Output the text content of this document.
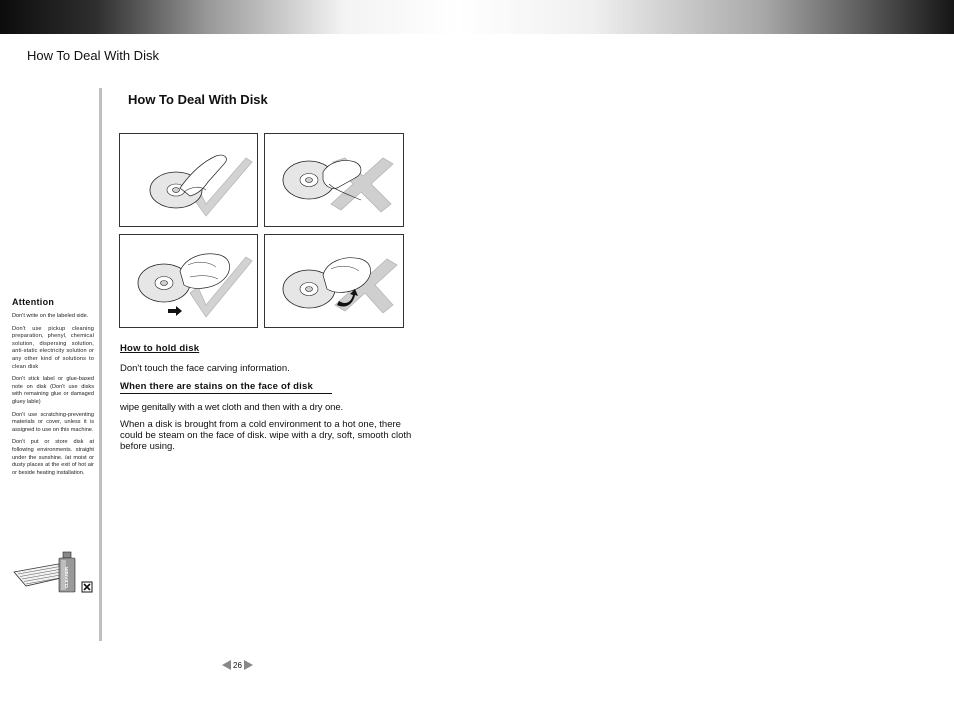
How To Deal With Disk
Attention

Don't write on the labeled side.

Don't use pickup cleaning preparation, phenyl, chemical solution, dispersing solution, anti-static electricity solution or any other kind of solutions to clean disk

Don't stick label or glue-based note on disk (Don't use disks with remaining glue or damaged gluey lable)

Don't use scratching-preventing materials or cover, unless it is assigned to use on this machine.

Don't put or store disk at following environments. straight under the sunshine. /at moist or dusty places at the exit of hot air or beside heating installation.

CLEANER
How To Deal With Disk

How to hold disk

Don't touch the face carving information.

When there are stains on the face of disk

wipe genitally with a wet cloth and then with a dry one.

When a disk is brought from a cold environment to a hot one, there could be steam on the face of disk. wipe with a dry, soft, smooth cloth before using.

26
